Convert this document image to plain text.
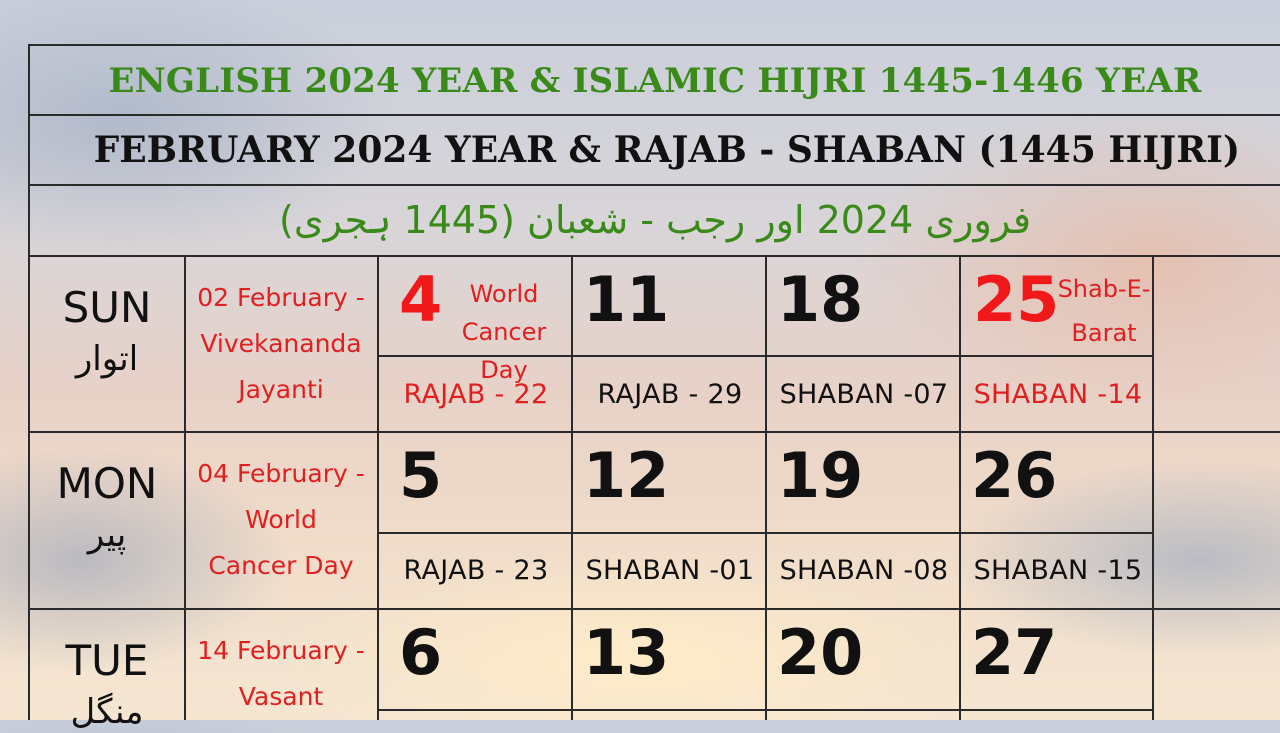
ENGLISH 2024 YEAR & ISLAMIC HIJRI 1445-1446 YEAR
FEBRUARY 2024 YEAR & RAJAB - SHABAN (1445 HIJRI)
فروری 2024 اور رجب - شعبان (1445 ہجری)
SUN
اتوار
02 February -
Vivekananda
Jayanti
4	World
Cancer Day
RAJAB - 22
11
RAJAB - 29
18
SHABAN -07
25
Shab-E-
Barat
SHABAN -14
MON
پیر
04 February -
World
Cancer Day
5
RAJAB - 23
12
SHABAN -01
19
SHABAN -08
26
SHABAN -15
TUE
منگل
14 February -
Vasant
6 13 20 27
